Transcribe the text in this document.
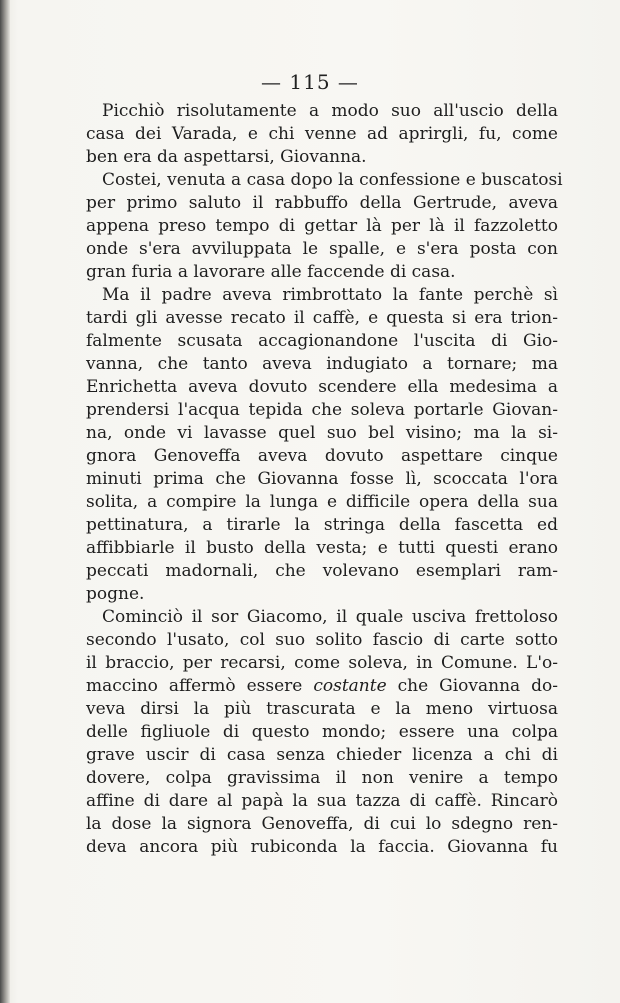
— 115 —
Picchiò risolutamente a modo suo all'uscio della
casa dei Varada, e chi venne ad aprirgli, fu, come
ben era da aspettarsi, Giovanna.
Costei, venuta a casa dopo la confessione e buscatosi
per primo saluto il rabbuffo della Gertrude, aveva
appena preso tempo di gettar là per là il fazzoletto
onde s'era avviluppata le spalle, e s'era posta con
gran furia a lavorare alle faccende di casa.
Ma il padre aveva rimbrottato la fante perchè sì
tardi gli avesse recato il caffè, e questa si era trion-
falmente scusata accagionandone l'uscita di Gio-
vanna, che tanto aveva indugiato a tornare; ma
Enrichetta aveva dovuto scendere ella medesima a
prendersi l'acqua tepida che soleva portarle Giovan-
na, onde vi lavasse quel suo bel visino; ma la si-
gnora Genoveffa aveva dovuto aspettare cinque
minuti prima che Giovanna fosse lì, scoccata l'ora
solita, a compire la lunga e difficile opera della sua
pettinatura, a tirarle la stringa della fascetta ed
affibbiarle il busto della vesta; e tutti questi erano
peccati madornali, che volevano esemplari ram-
pogne.
Cominciò il sor Giacomo, il quale usciva frettoloso
secondo l'usato, col suo solito fascio di carte sotto
il braccio, per recarsi, come soleva, in Comune. L'o-
maccino affermò essere costante che Giovanna do-
veva dirsi la più trascurata e la meno virtuosa
delle figliuole di questo mondo; essere una colpa
grave uscir di casa senza chieder licenza a chi di
dovere, colpa gravissima il non venire a tempo
affine di dare al papà la sua tazza di caffè. Rincarò
la dose la signora Genoveffa, di cui lo sdegno ren-
deva ancora più rubiconda la faccia. Giovanna fu
